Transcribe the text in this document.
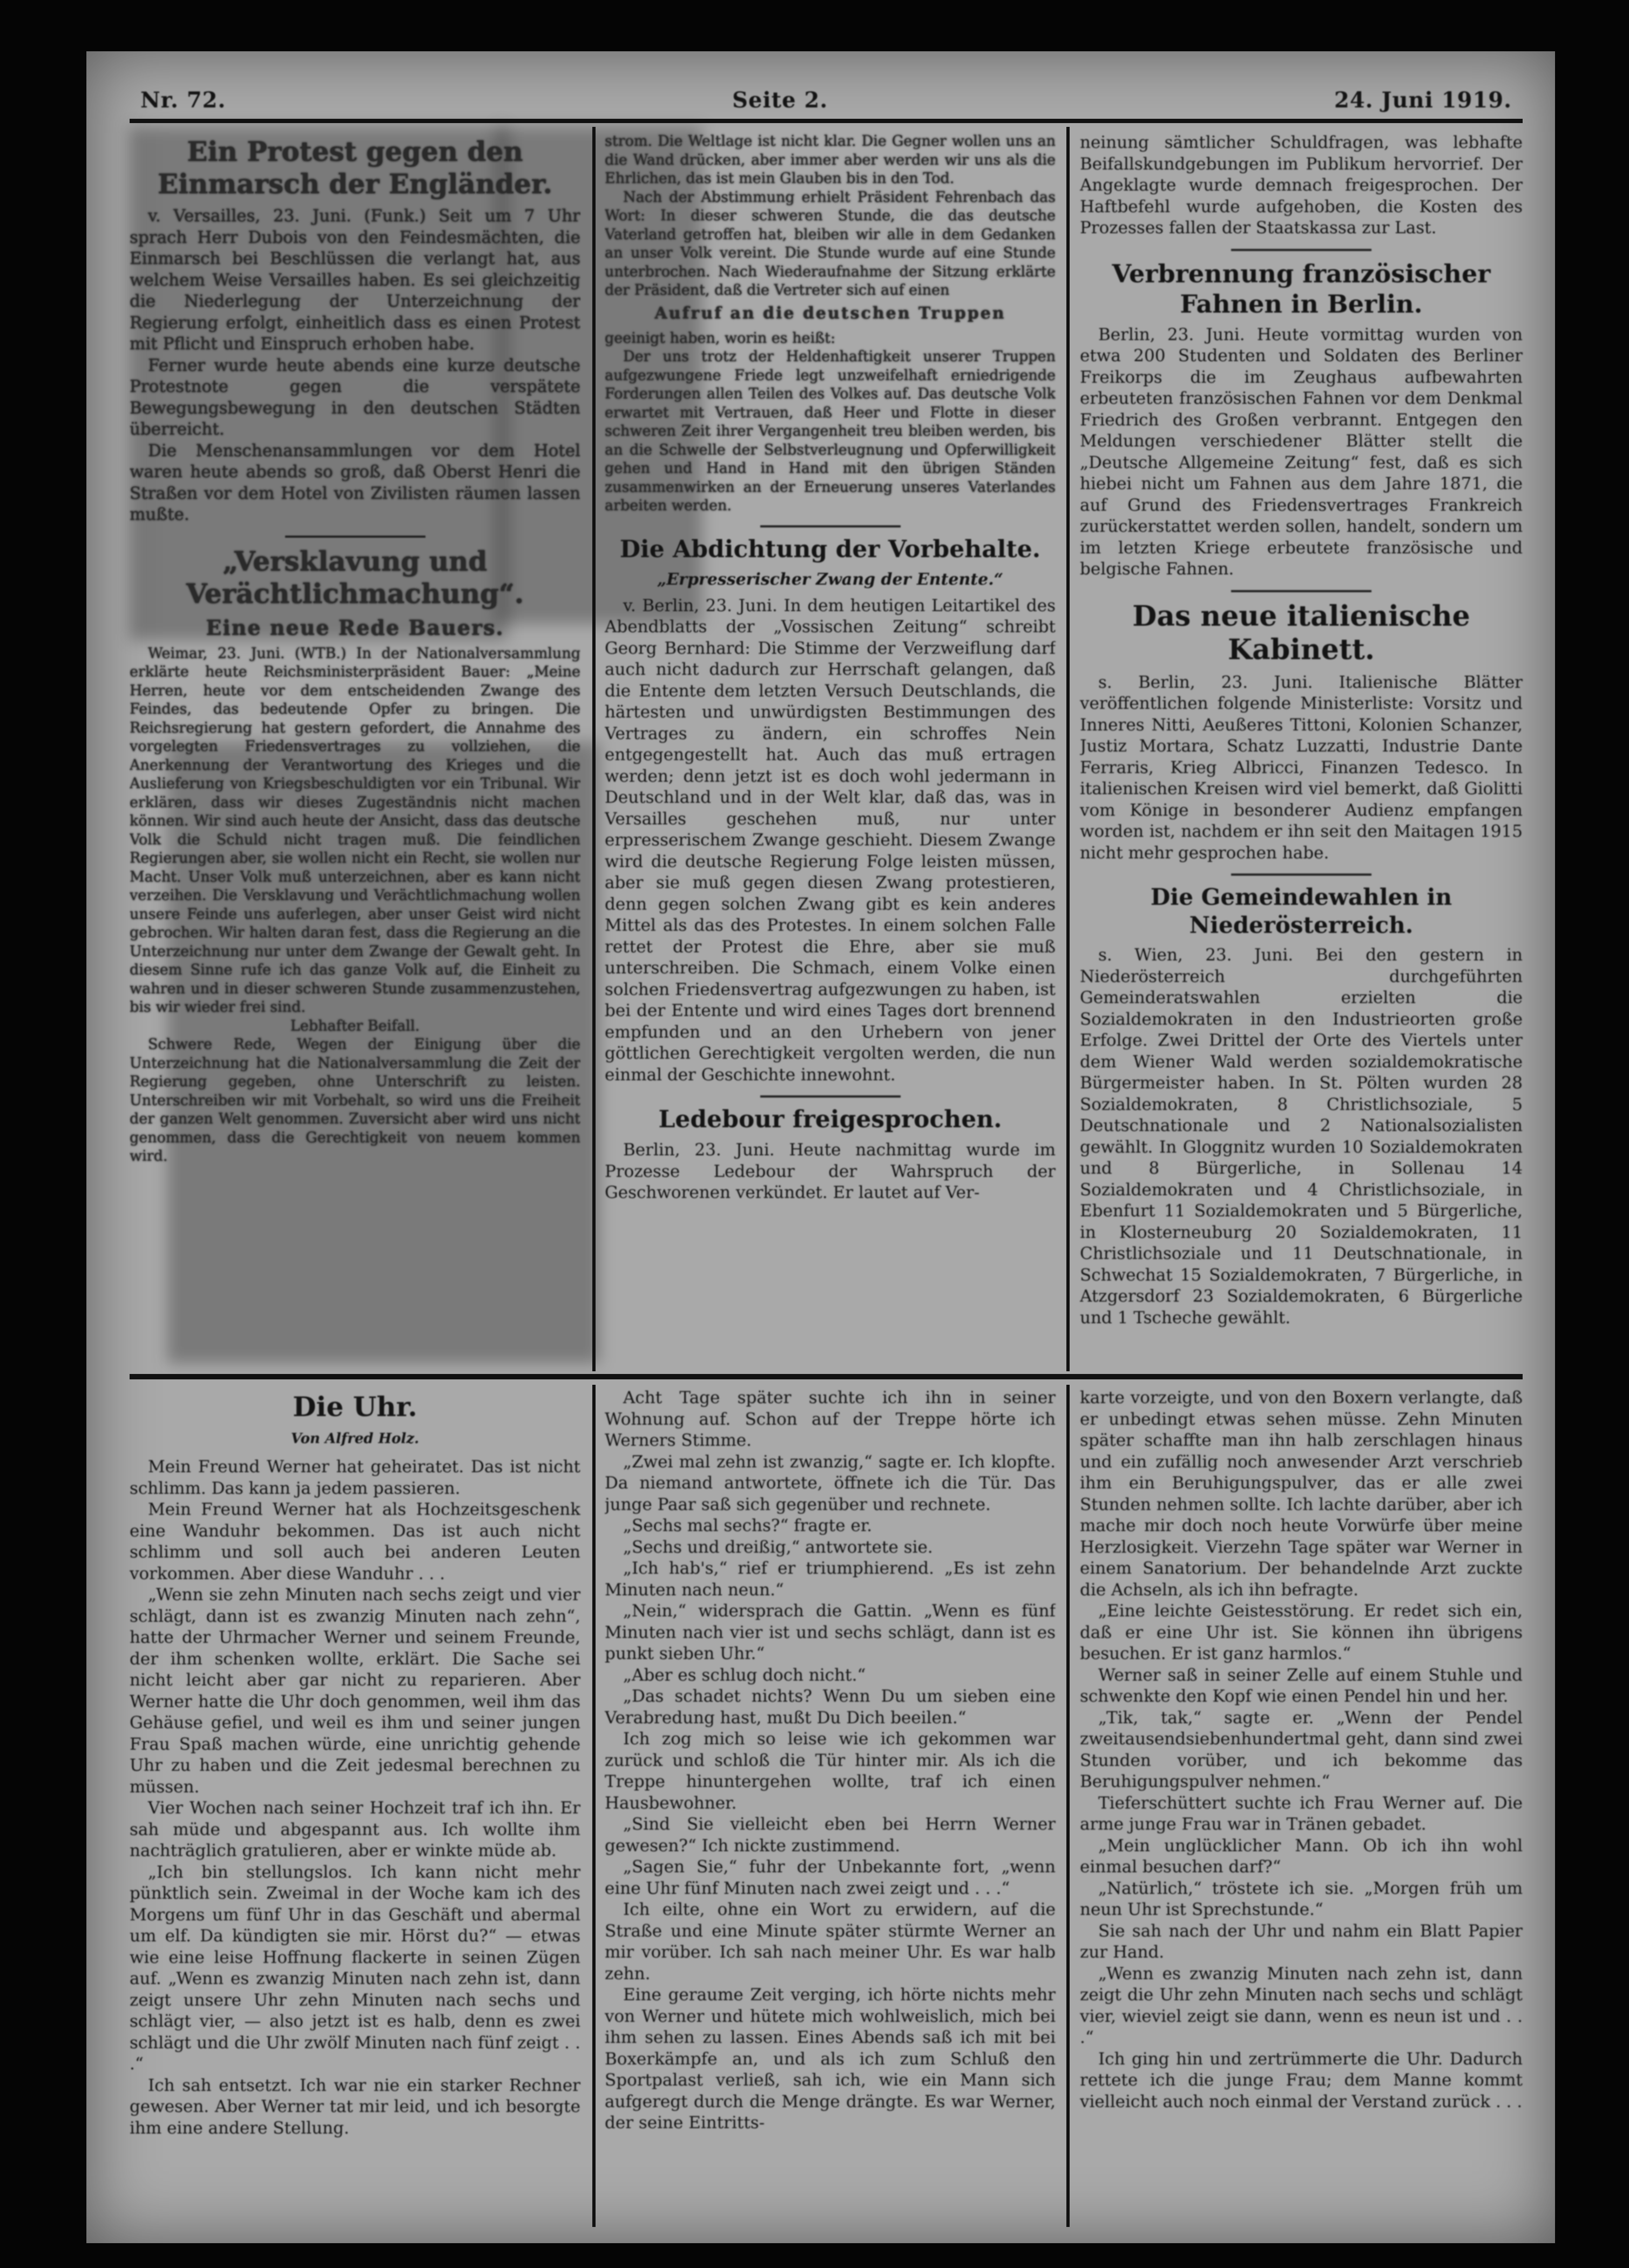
Nr. 72.	Seite 2.	24. Juni 1919.
Ein Protest gegen den Einmarsch der Engländer.

v. Versailles, 23. Juni. (Funk.) Seit um 7 Uhr sprach Herr Dubois von den Feindesmächten, die Einmarsch bei Beschlüssen die verlangt hat, aus welchem Weise Versailles haben. Es sei gleichzeitig die Niederlegung der Unterzeichnung der Regierung erfolgt, einheitlich dass es einen Protest mit Pflicht und Einspruch erhoben habe.

Ferner wurde heute abends eine kurze deutsche Protestnote gegen die verspätete Bewegungsbewegung in den deutschen Städten überreicht.

Die Menschenansammlungen vor dem Hotel waren heute abends so groß, daß Oberst Henri die Straßen vor dem Hotel von Zivilisten räumen lassen mußte.

„Versklavung und Verächtlichmachung“.
Eine neue Rede Bauers.

Weimar, 23. Juni. (WTB.) In der Nationalversammlung erklärte heute Reichsministerpräsident Bauer: „Meine Herren, heute vor dem entscheidenden Zwange des Feindes, das bedeutende Opfer zu bringen. Die Reichsregierung hat gestern gefordert, die Annahme des vorgelegten Friedensvertrages zu vollziehen, die Anerkennung der Verantwortung des Krieges und die Auslieferung von Kriegsbeschuldigten vor ein Tribunal. Wir erklären, dass wir dieses Zugeständnis nicht machen können. Wir sind auch heute der Ansicht, dass das deutsche Volk die Schuld nicht tragen muß. Die feindlichen Regierungen aber, sie wollen nicht ein Recht, sie wollen nur Macht. Unser Volk muß unterzeichnen, aber es kann nicht verzeihen. Die Versklavung und Verächtlichmachung wollen unsere Feinde uns auferlegen, aber unser Geist wird nicht gebrochen. Wir halten daran fest, dass die Regierung an die Unterzeichnung nur unter dem Zwange der Gewalt geht. In diesem Sinne rufe ich das ganze Volk auf, die Einheit zu wahren und in dieser schweren Stunde zusammenzustehen, bis wir wieder frei sind.

Lebhafter Beifall.

Schwere Rede, Wegen der Einigung über die Unterzeichnung hat die Nationalversammlung die Zeit der Regierung gegeben, ohne Unterschrift zu leisten. Unterschreiben wir mit Vorbehalt, so wird uns die Freiheit der ganzen Welt genommen. Zuversicht aber wird uns nicht genommen, dass die Gerechtigkeit von neuem kommen wird.

strom. Die Weltlage ist nicht klar. Die Gegner wollen uns an die Wand drücken, aber immer aber werden wir uns als die Ehrlichen, das ist mein Glauben bis in den Tod.

Nach der Abstimmung erhielt Präsident Fehrenbach das Wort: In dieser schweren Stunde, die das deutsche Vaterland getroffen hat, bleiben wir alle in dem Gedanken an unser Volk vereint. Die Stunde wurde auf eine Stunde unterbrochen. Nach Wiederaufnahme der Sitzung erklärte der Präsident, daß die Vertreter sich auf einen

Aufruf an die deutschen Truppen

geeinigt haben, worin es heißt:

Der uns trotz der Heldenhaftigkeit unserer Truppen aufgezwungene Friede legt unzweifelhaft erniedrigende Forderungen allen Teilen des Volkes auf. Das deutsche Volk erwartet mit Vertrauen, daß Heer und Flotte in dieser schweren Zeit ihrer Vergangenheit treu bleiben werden, bis an die Schwelle der Selbstverleugnung und Opferwilligkeit gehen und Hand in Hand mit den übrigen Ständen zusammenwirken an der Erneuerung unseres Vaterlandes arbeiten werden.

Die Abdichtung der Vorbehalte.
„Erpresserischer Zwang der Entente.“

v. Berlin, 23. Juni. In dem heutigen Leitartikel des Abendblatts der „Vossischen Zeitung“ schreibt Georg Bernhard: Die Stimme der Verzweiflung darf auch nicht dadurch zur Herrschaft gelangen, daß die Entente dem letzten Versuch Deutschlands, die härtesten und unwürdigsten Bestimmungen des Vertrages zu ändern, ein schroffes Nein entgegengestellt hat. Auch das muß ertragen werden; denn jetzt ist es doch wohl jedermann in Deutschland und in der Welt klar, daß das, was in Versailles geschehen muß, nur unter erpresserischem Zwange geschieht. Diesem Zwange wird die deutsche Regierung Folge leisten müssen, aber sie muß gegen diesen Zwang protestieren, denn gegen solchen Zwang gibt es kein anderes Mittel als das des Protestes. In einem solchen Falle rettet der Protest die Ehre, aber sie muß unterschreiben. Die Schmach, einem Volke einen solchen Friedensvertrag aufgezwungen zu haben, ist bei der Entente und wird eines Tages dort brennend empfunden und an den Urhebern von jener göttlichen Gerechtigkeit vergolten werden, die nun einmal der Geschichte innewohnt.

Ledebour freigesprochen.

Berlin, 23. Juni. Heute nachmittag wurde im Prozesse Ledebour der Wahrspruch der Geschworenen verkündet. Er lautet auf Ver-

neinung sämtlicher Schuldfragen, was lebhafte Beifallskundgebungen im Publikum hervorrief. Der Angeklagte wurde demnach freigesprochen. Der Haftbefehl wurde aufgehoben, die Kosten des Prozesses fallen der Staatskassa zur Last.

Verbrennung französischer Fahnen in Berlin.

Berlin, 23. Juni. Heute vormittag wurden von etwa 200 Studenten und Soldaten des Berliner Freikorps die im Zeughaus aufbewahrten erbeuteten französischen Fahnen vor dem Denkmal Friedrich des Großen verbrannt. Entgegen den Meldungen verschiedener Blätter stellt die „Deutsche Allgemeine Zeitung“ fest, daß es sich hiebei nicht um Fahnen aus dem Jahre 1871, die auf Grund des Friedensvertrages Frankreich zurückerstattet werden sollen, handelt, sondern um im letzten Kriege erbeutete französische und belgische Fahnen.

Das neue italienische Kabinett.

s. Berlin, 23. Juni. Italienische Blätter veröffentlichen folgende Ministerliste: Vorsitz und Inneres Nitti, Aeußeres Tittoni, Kolonien Schanzer, Justiz Mortara, Schatz Luzzatti, Industrie Dante Ferraris, Krieg Albricci, Finanzen Tedesco. In italienischen Kreisen wird viel bemerkt, daß Giolitti vom Könige in besonderer Audienz empfangen worden ist, nachdem er ihn seit den Maitagen 1915 nicht mehr gesprochen habe.

Die Gemeindewahlen in Niederösterreich.

s. Wien, 23. Juni. Bei den gestern in Niederösterreich durchgeführten Gemeinderatswahlen erzielten die Sozialdemokraten in den Industrieorten große Erfolge. Zwei Drittel der Orte des Viertels unter dem Wiener Wald werden sozialdemokratische Bürgermeister haben. In St. Pölten wurden 28 Sozialdemokraten, 8 Christlichsoziale, 5 Deutschnationale und 2 Nationalsozialisten gewählt. In Gloggnitz wurden 10 Sozialdemokraten und 8 Bürgerliche, in Sollenau 14 Sozialdemokraten und 4 Christlichsoziale, in Ebenfurt 11 Sozialdemokraten und 5 Bürgerliche, in Klosterneuburg 20 Sozialdemokraten, 11 Christlichsoziale und 11 Deutschnationale, in Schwechat 15 Sozialdemokraten, 7 Bürgerliche, in Atzgersdorf 23 Sozialdemokraten, 6 Bürgerliche und 1 Tscheche gewählt.

Die Uhr.
Von Alfred Holz.

Mein Freund Werner hat geheiratet. Das ist nicht schlimm. Das kann ja jedem passieren.

Mein Freund Werner hat als Hochzeitsgeschenk eine Wanduhr bekommen. Das ist auch nicht schlimm und soll auch bei anderen Leuten vorkommen. Aber diese Wanduhr . . .

„Wenn sie zehn Minuten nach sechs zeigt und vier schlägt, dann ist es zwanzig Minuten nach zehn“, hatte der Uhrmacher Werner und seinem Freunde, der ihm schenken wollte, erklärt. Die Sache sei nicht leicht aber gar nicht zu reparieren. Aber Werner hatte die Uhr doch genommen, weil ihm das Gehäuse gefiel, und weil es ihm und seiner jungen Frau Spaß machen würde, eine unrichtig gehende Uhr zu haben und die Zeit jedesmal berechnen zu müssen.

Vier Wochen nach seiner Hochzeit traf ich ihn. Er sah müde und abgespannt aus. Ich wollte ihm nachträglich gratulieren, aber er winkte müde ab.

„Ich bin stellungslos. Ich kann nicht mehr pünktlich sein. Zweimal in der Woche kam ich des Morgens um fünf Uhr in das Geschäft und abermal um elf. Da kündigten sie mir. Hörst du?“ — etwas wie eine leise Hoffnung flackerte in seinen Zügen auf. „Wenn es zwanzig Minuten nach zehn ist, dann zeigt unsere Uhr zehn Minuten nach sechs und schlägt vier, — also jetzt ist es halb, denn es zwei schlägt und die Uhr zwölf Minuten nach fünf zeigt . . .“

Ich sah entsetzt. Ich war nie ein starker Rechner gewesen. Aber Werner tat mir leid, und ich besorgte ihm eine andere Stellung.

Acht Tage später suchte ich ihn in seiner Wohnung auf. Schon auf der Treppe hörte ich Werners Stimme.

„Zwei mal zehn ist zwanzig,“ sagte er. Ich klopfte. Da niemand antwortete, öffnete ich die Tür. Das junge Paar saß sich gegenüber und rechnete.

„Sechs mal sechs?“ fragte er.

„Sechs und dreißig,“ antwortete sie.

„Ich hab's,“ rief er triumphierend. „Es ist zehn Minuten nach neun.“

„Nein,“ widersprach die Gattin. „Wenn es fünf Minuten nach vier ist und sechs schlägt, dann ist es punkt sieben Uhr.“

„Aber es schlug doch nicht.“

„Das schadet nichts? Wenn Du um sieben eine Verabredung hast, mußt Du Dich beeilen.“

Ich zog mich so leise wie ich gekommen war zurück und schloß die Tür hinter mir. Als ich die Treppe hinuntergehen wollte, traf ich einen Hausbewohner.

„Sind Sie vielleicht eben bei Herrn Werner gewesen?“ Ich nickte zustimmend.

„Sagen Sie,“ fuhr der Unbekannte fort, „wenn eine Uhr fünf Minuten nach zwei zeigt und . . .“

Ich eilte, ohne ein Wort zu erwidern, auf die Straße und eine Minute später stürmte Werner an mir vorüber. Ich sah nach meiner Uhr. Es war halb zehn.

Eine geraume Zeit verging, ich hörte nichts mehr von Werner und hütete mich wohlweislich, mich bei ihm sehen zu lassen. Eines Abends saß ich mit bei Boxerkämpfe an, und als ich zum Schluß den Sportpalast verließ, sah ich, wie ein Mann sich aufgeregt durch die Menge drängte. Es war Werner, der seine Eintritts-

karte vorzeigte, und von den Boxern verlangte, daß er unbedingt etwas sehen müsse. Zehn Minuten später schaffte man ihn halb zerschlagen hinaus und ein zufällig noch anwesender Arzt verschrieb ihm ein Beruhigungspulver, das er alle zwei Stunden nehmen sollte. Ich lachte darüber, aber ich mache mir doch noch heute Vorwürfe über meine Herzlosigkeit. Vierzehn Tage später war Werner in einem Sanatorium. Der behandelnde Arzt zuckte die Achseln, als ich ihn befragte.

„Eine leichte Geistesstörung. Er redet sich ein, daß er eine Uhr ist. Sie können ihn übrigens besuchen. Er ist ganz harmlos.“

Werner saß in seiner Zelle auf einem Stuhle und schwenkte den Kopf wie einen Pendel hin und her.

„Tik, tak,“ sagte er. „Wenn der Pendel zweitausendsiebenhundertmal geht, dann sind zwei Stunden vorüber, und ich bekomme das Beruhigungspulver nehmen.“

Tieferschüttert suchte ich Frau Werner auf. Die arme junge Frau war in Tränen gebadet.

„Mein unglücklicher Mann. Ob ich ihn wohl einmal besuchen darf?“

„Natürlich,“ tröstete ich sie. „Morgen früh um neun Uhr ist Sprechstunde.“

Sie sah nach der Uhr und nahm ein Blatt Papier zur Hand.

„Wenn es zwanzig Minuten nach zehn ist, dann zeigt die Uhr zehn Minuten nach sechs und schlägt vier, wieviel zeigt sie dann, wenn es neun ist und . . .“

Ich ging hin und zertrümmerte die Uhr. Dadurch rettete ich die junge Frau; dem Manne kommt vielleicht auch noch einmal der Verstand zurück . . .
